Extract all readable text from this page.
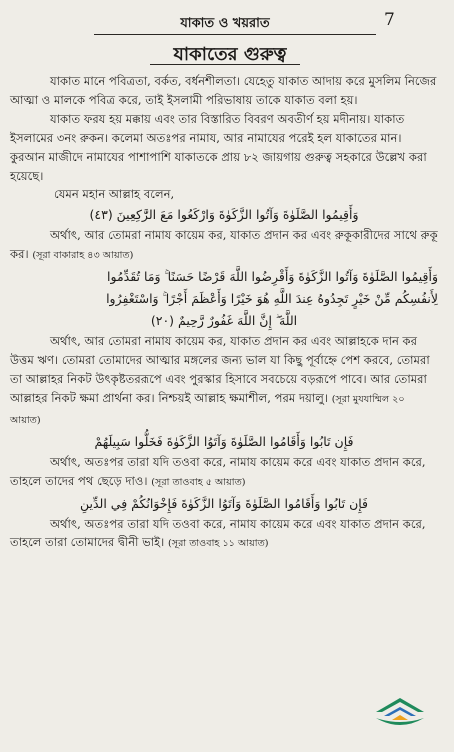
যাকাত ও খয়রাত	7
যাকাতের গুরুত্ব

যাকাত মানে পবিত্রতা, বর্কত, বর্ধনশীলতা। যেহেতু যাকাত আদায় করে মুসলিম নিজের আত্মা ও মালকে পবিত্র করে, তাই ইসলামী পরিভাষায় তাকে যাকাত বলা হয়।

যাকাত ফরয হয় মক্কায় এবং তার বিস্তারিত বিবরণ অবতীর্ণ হয় মদীনায়। যাকাত ইসলামের ৩নং রুকন। কলেমা অতঃপর নামায, আর নামাযের পরেই হল যাকাতের মান। কুরআন মাজীদে নামাযের পাশাপাশি যাকাতকে প্রায় ৮২ জায়গায় গুরুত্ব সহকারে উল্লেখ করা হয়েছে।

যেমন মহান আল্লাহ বলেন,

وَأَقِيمُوا الصَّلَوٰةَ وَآتُوا الزَّكَوٰةَ وَارْكَعُوا مَعَ الرَّٰكِعِينَ (٤٣)

অর্থাৎ, আর তোমরা নামায কায়েম কর, যাকাত প্রদান কর এবং রুকূকারীদের সাথে রুকূ কর। (সূরা বাকারাহ ৪৩ আয়াত)

وَأَقِيمُوا الصَّلَوٰةَ وَآتُوا الزَّكَوٰةَ وَأَقْرِضُوا اللَّهَ قَرْضًا حَسَنًا ۚ وَمَا تُقَدِّمُوا

لِأَنفُسِكُم مِّنْ خَيْرٍ تَجِدُوهُ عِندَ اللَّهِ هُوَ خَيْرًا وَأَعْظَمَ أَجْرًا ۚ وَاسْتَغْفِرُوا

اللَّهَ ۖ إِنَّ اللَّهَ غَفُورٌ رَّحِيمٌ (٢٠)

অর্থাৎ, আর তোমরা নামায কায়েম কর, যাকাত প্রদান কর এবং আল্লাহকে দান কর উত্তম ঋণ। তোমরা তোমাদের আত্মার মঙ্গলের জন্য ভাল যা কিছু পূর্বাহ্নে পেশ করবে, তোমরা তা আল্লাহর নিকট উৎকৃষ্টতররূপে এবং পুরস্কার হিসাবে সবচেয়ে বড়রূপে পাবে। আর তোমরা আল্লাহর নিকট ক্ষমা প্রার্থনা কর। নিশ্চয়ই আল্লাহ ক্ষমাশীল, পরম দয়ালু। (সূরা মুযযাম্মিল ২০ আয়াত)

فَإِن تَابُوا وَأَقَامُوا الصَّلَوٰةَ وَآتَوُا الزَّكَوٰةَ فَخَلُّوا سَبِيلَهُمْ

অর্থাৎ, অতঃপর তারা যদি তওবা করে, নামায কায়েম করে এবং যাকাত প্রদান করে, তাহলে তাদের পথ ছেড়ে দাও। (সূরা তাওবাহ ৫ আয়াত)

فَإِن تَابُوا وَأَقَامُوا الصَّلَوٰةَ وَآتَوُا الزَّكَوٰةَ فَإِخْوَانُكُمْ فِي الدِّينِ

অর্থাৎ, অতঃপর তারা যদি তওবা করে, নামায কায়েম করে এবং যাকাত প্রদান করে,

তাহলে তারা তোমাদের দ্বীনী ভাই। (সূরা তাওবাহ ১১ আয়াত)
